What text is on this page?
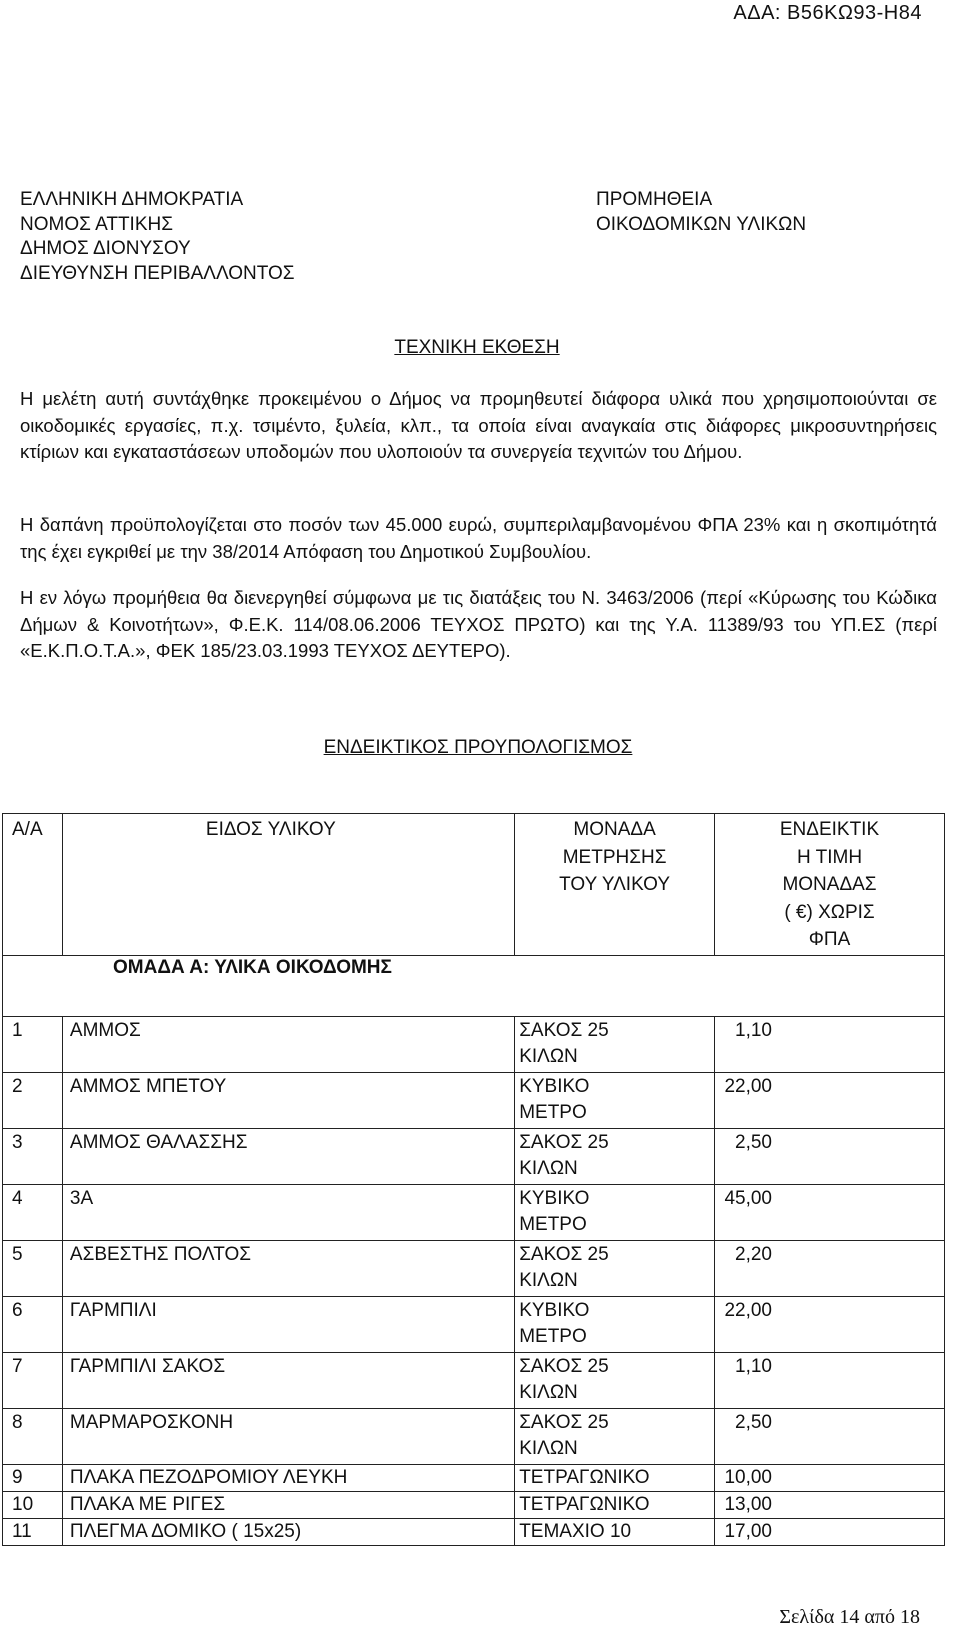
ΑΔΑ: Β56ΚΩ93-Η84
ΕΛΛΗΝΙΚΗ ΔΗΜΟΚΡΑΤΙΑ
ΝΟΜΟΣ ΑΤΤΙΚΗΣ
ΔΗΜΟΣ ΔΙΟΝΥΣΟΥ
ΔΙΕΥΘΥΝΣΗ ΠΕΡΙΒΑΛΛΟΝΤΟΣ
ΠΡΟΜΗΘΕΙΑ
ΟΙΚΟΔΟΜΙΚΩΝ ΥΛΙΚΩΝ
ΤΕΧΝΙΚΗ ΕΚΘΕΣΗ
Η μελέτη αυτή συντάχθηκε προκειμένου ο Δήμος να προμηθευτεί διάφορα υλικά που χρησιμοποιούνται σε οικοδομικές εργασίες, π.χ. τσιμέντο, ξυλεία, κλπ., τα οποία είναι αναγκαία στις διάφορες μικροσυντηρήσεις κτίριων και εγκαταστάσεων υποδομών που υλοποιούν τα συνεργεία τεχνιτών του Δήμου.
Η δαπάνη προϋπολογίζεται στο ποσόν των 45.000 ευρώ, συμπεριλαμβανομένου ΦΠΑ 23% και η σκοπιμότητά της έχει εγκριθεί με την 38/2014 Απόφαση του Δημοτικού Συμβουλίου.
Η εν λόγω προμήθεια θα διενεργηθεί σύμφωνα με τις διατάξεις του Ν. 3463/2006 (περί «Κύρωσης του Κώδικα Δήμων & Κοινοτήτων», Φ.Ε.Κ. 114/08.06.2006 ΤΕΥΧΟΣ ΠΡΩΤΟ) και της Υ.Α. 11389/93 του ΥΠ.ΕΣ (περί «Ε.Κ.Π.Ο.Τ.Α.», ΦΕΚ 185/23.03.1993 ΤΕΥΧΟΣ ΔΕΥΤΕΡΟ).
ΕΝΔΕΙΚΤΙΚΟΣ ΠΡΟΥΠΟΛΟΓΙΣΜΟΣ
Α/Α	ΕΙΔΟΣ ΥΛΙΚΟΥ	ΜΟΝΑΔΑ
ΜΕΤΡΗΣΗΣ
ΤΟΥ ΥΛΙΚΟΥ	ΕΝΔΕΙΚΤΙΚ
Η ΤΙΜΗ
ΜΟΝΑΔΑΣ
( €) ΧΩΡΙΣ
ΦΠΑ
ΟΜΑΔΑ Α: ΥΛΙΚΑ ΟΙΚΟΔΟΜΗΣ			
1	ΑΜΜΟΣ	ΣΑΚΟΣ 25
ΚΙΛΩΝ	1,10
2	ΑΜΜΟΣ ΜΠΕΤΟΥ	ΚΥΒΙΚΟ
ΜΕΤΡΟ	22,00
3	ΑΜΜΟΣ ΘΑΛΑΣΣΗΣ	ΣΑΚΟΣ 25
ΚΙΛΩΝ	2,50
4	3Α	ΚΥΒΙΚΟ
ΜΕΤΡΟ	45,00
5	ΑΣΒΕΣΤΗΣ ΠΟΛΤΟΣ	ΣΑΚΟΣ 25
ΚΙΛΩΝ	2,20
6	ΓΑΡΜΠΙΛΙ	ΚΥΒΙΚΟ
ΜΕΤΡΟ	22,00
7	ΓΑΡΜΠΙΛΙ ΣΑΚΟΣ	ΣΑΚΟΣ 25
ΚΙΛΩΝ	1,10
8	ΜΑΡΜΑΡΟΣΚΟΝΗ	ΣΑΚΟΣ 25
ΚΙΛΩΝ	2,50
9	ΠΛΑΚΑ ΠΕΖΟΔΡΟΜΙΟΥ ΛΕΥΚΗ	ΤΕΤΡΑΓΩΝΙΚΟ	10,00
10	ΠΛΑΚΑ ΜΕ ΡΙΓΕΣ	ΤΕΤΡΑΓΩΝΙΚΟ	13,00
11	ΠΛΕΓΜΑ ΔΟΜΙΚΟ ( 15x25)	ΤΕΜΑΧΙΟ 10	17,00
Σελίδα 14 από 18
